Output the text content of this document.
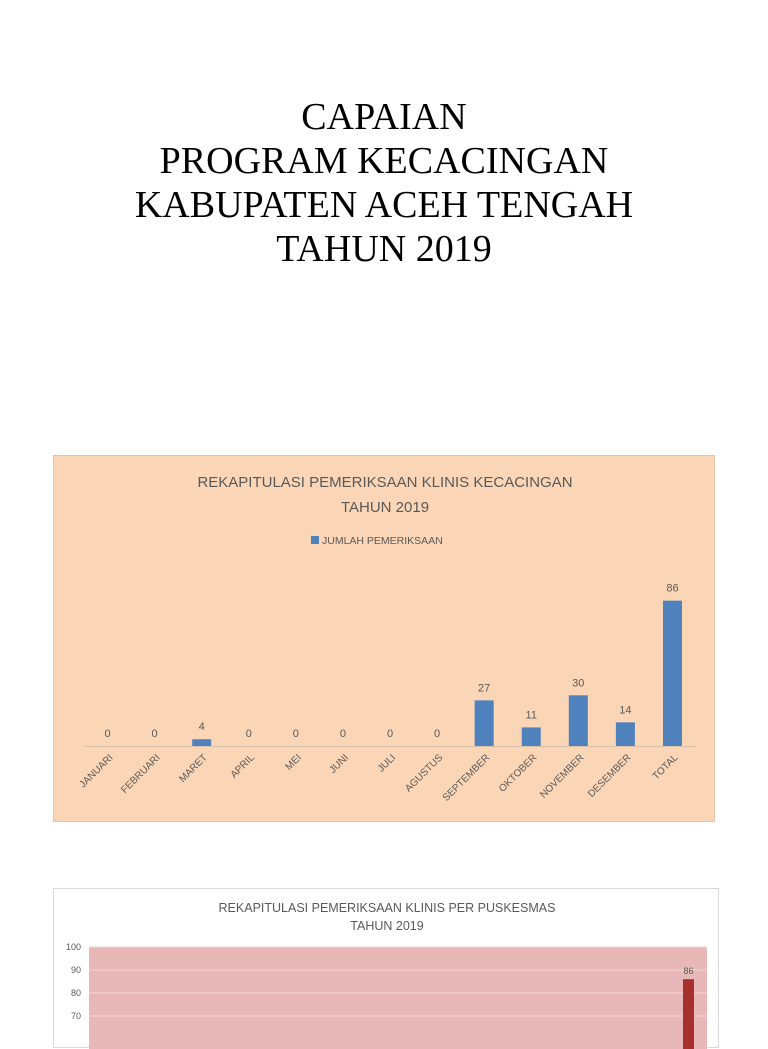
CAPAIAN
PROGRAM KECACINGAN
KABUPATEN ACEH TENGAH
TAHUN 2019
REKAPITULASI PEMERIKSAAN KLINIS KECACINGAN
TAHUN 2019
JUMLAH PEMERIKSAAN
0
JANUARI
0
FEBRUARI
4
MARET
0
APRIL
0
MEI
0
JUNI
0
JULI
0
AGUSTUS
27
SEPTEMBER
11
OKTOBER
30
NOVEMBER
14
DESEMBER
86
TOTAL
REKAPITULASI PEMERIKSAAN KLINIS PER PUSKESMAS
TAHUN 2019
100
90
80
70
86
